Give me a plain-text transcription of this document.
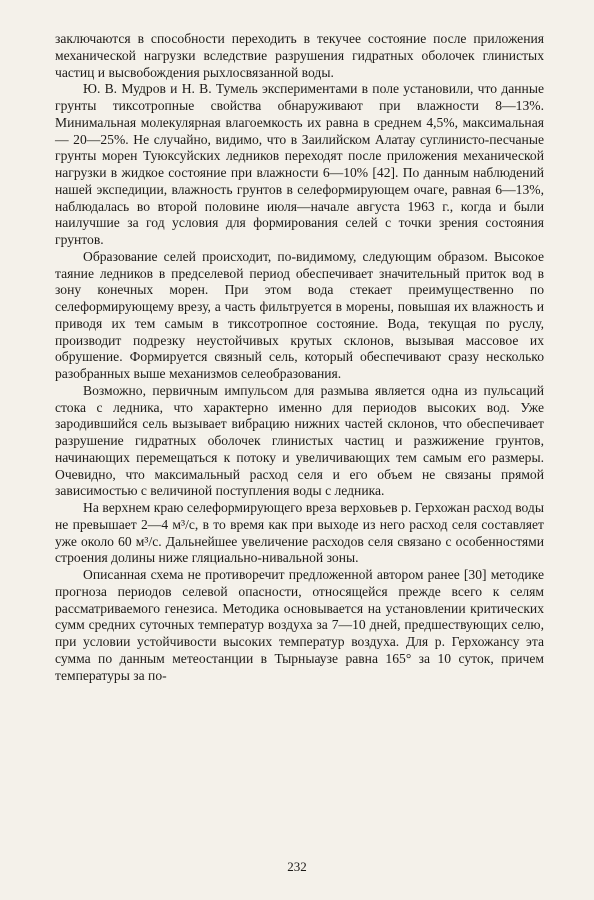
заключаются в способности переходить в текучее состояние после приложения механической нагрузки вследствие разрушения гидратных оболочек глинистых частиц и высвобождения рыхлосвязанной воды.

Ю. В. Мудров и Н. В. Тумель экспериментами в поле установили, что данные грунты тиксотропные свойства обнаруживают при влажности 8—13%. Минимальная молекулярная влагоемкость их равна в среднем 4,5%, максимальная — 20—25%. Не случайно, видимо, что в Заилийском Алатау суглинисто-песчаные грунты морен Туюксуйских ледников переходят после приложения механической нагрузки в жидкое состояние при влажности 6—10% [42]. По данным наблюдений нашей экспедиции, влажность грунтов в селеформирующем очаге, равная 6—13%, наблюдалась во второй половине июля—начале августа 1963 г., когда и были наилучшие за год условия для формирования селей с точки зрения состояния грунтов.

Образование селей происходит, по-видимому, следующим образом. Высокое таяние ледников в предселевой период обеспечивает значительный приток вод в зону конечных морен. При этом вода стекает преимущественно по селеформирующему врезу, а часть фильтруется в морены, повышая их влажность и приводя их тем самым в тиксотропное состояние. Вода, текущая по руслу, производит подрезку неустойчивых крутых склонов, вызывая массовое их обрушение. Формируется связный сель, который обеспечивают сразу несколько разобранных выше механизмов селеобразования.

Возможно, первичным импульсом для размыва является одна из пульсаций стока с ледника, что характерно именно для периодов высоких вод. Уже зародившийся сель вызывает вибрацию нижних частей склонов, что обеспечивает разрушение гидратных оболочек глинистых частиц и разжижение грунтов, начинающих перемещаться к потоку и увеличивающих тем самым его размеры. Очевидно, что максимальный расход селя и его объем не связаны прямой зависимостью с величиной поступления воды с ледника.

На верхнем краю селеформирующего вреза верховьев р. Герхожан расход воды не превышает 2—4 м³/с, в то время как при выходе из него расход селя составляет уже около 60 м³/с. Дальнейшее увеличение расходов селя связано с особенностями строения долины ниже гляциально-нивальной зоны.

Описанная схема не противоречит предложенной автором ранее [30] методике прогноза периодов селевой опасности, относящейся прежде всего к селям рассматриваемого генезиса. Методика основывается на установлении критических сумм средних суточных температур воздуха за 7—10 дней, предшествующих селю, при условии устойчивости высоких температур воздуха. Для р. Герхожансу эта сумма по данным метеостанции в Тырныаузе равна 165° за 10 суток, причем температуры за по-

232
